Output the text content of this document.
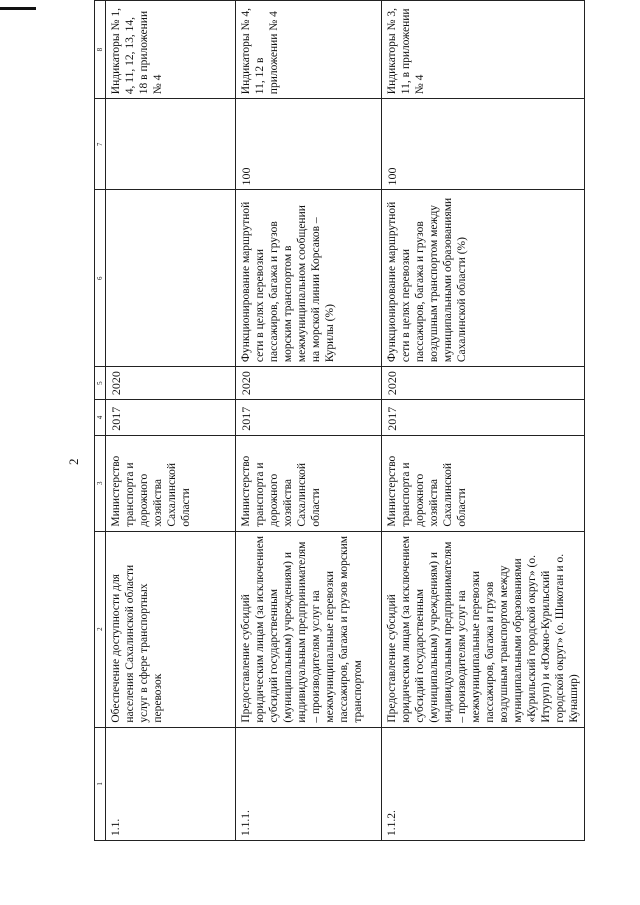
2
1	2	3	4	5	6	7	8
1.1.	Обеспечение доступности для населения Сахалинской области услуг в сфере транспортных перевозок	Министерство транспорта и дорожного хозяйства Сахалинской области	2017	2020			Индикаторы № 1, 4, 11, 12, 13, 14, 18 в приложении № 4
1.1.1.	Предоставление субсидий юридическим лицам (за исключением субсидий государственным (муниципальным) учреждениям) и индивидуальным предпринимателям – производителям услуг на межмуниципальные перевозки пассажиров, багажа и грузов морским транспортом	Министерство транспорта и дорожного хозяйства Сахалинской области	2017	2020	Функционирование маршрутной сети в целях перевозки пассажиров, багажа и грузов морским транспортом в межмуниципальном сообщении на морской линии Корсаков – Курилы (%)	100	Индикаторы № 4, 11, 12 в приложении № 4
1.1.2.	Предоставление субсидий юридическим лицам (за исключением субсидий государственным (муниципальным) учреждениям) и индивидуальным предпринимателям – производителям услуг на межмуниципальные перевозки пассажиров, багажа и грузов воздушным транспортом между муниципальными образованиями «Курильский городской округ» (о. Итуруп) и «Южно-Курильский городской округ» (о. Шикотан и о. Кунашир)	Министерство транспорта и дорожного хозяйства Сахалинской области	2017	2020	Функционирование маршрутной сети в целях перевозки пассажиров, багажа и грузов воздушным транспортом между муниципальными образованиями Сахалинской области (%)	100	Индикаторы № 3, 11, в приложении № 4
